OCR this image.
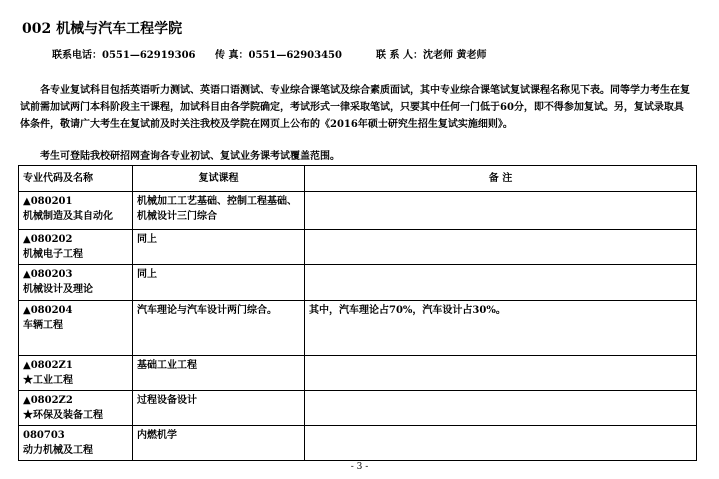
002 机械与汽车工程学院
联系电话：0551—62919306 传 真：0551—62903450	联 系 人：沈老师 黄老师
各专业复试科目包括英语听力测试、英语口语测试、专业综合课笔试及综合素质面试，其中专业综合课笔试复试课程名称见下表。同等学力考生在复试前需加试两门本科阶段主干课程，加试科目由各学院确定，考试形式一律采取笔试，只要其中任何一门低于60分，即不得参加复试。另，复试录取具体条件，敬请广大考生在复试前及时关注我校及学院在网页上公布的《2016年硕士研究生招生复试实施细则》。
考生可登陆我校研招网查询各专业初试、复试业务课考试覆盖范围。
专业代码及名称	复试课程	备 注

▲080201
机械制造及其自动化	机械加工工艺基础、控制工程基础、机械设计三门综合	

▲080202
机械电子工程	同上	

▲080203
机械设计及理论	同上	

▲080204
车辆工程	汽车理论与汽车设计两门综合。	其中，汽车理论占70%，汽车设计占30%。

▲0802Z1
★工业工程	基础工业工程	

▲0802Z2
★环保及装备工程	过程设备设计	

080703
动力机械及工程	内燃机学	
- 3 -
